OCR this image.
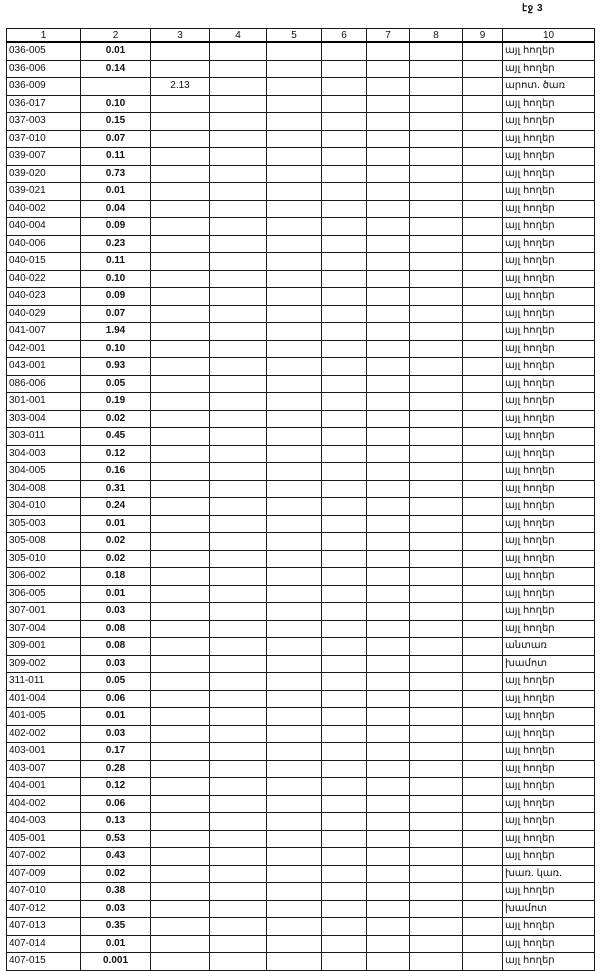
էջ 3
1	2	3	4	5	6	7	8	9	10
036-005	0.01								այլ հողեր
036-006	0.14								այլ հողեր
036-009		2.13							արոտ. ծառ
036-017	0.10								այլ հողեր
037-003	0.15								այլ հողեր
037-010	0.07								այլ հողեր
039-007	0.11								այլ հողեր
039-020	0.73								այլ հողեր
039-021	0.01								այլ հողեր
040-002	0.04								այլ հողեր
040-004	0.09								այլ հողեր
040-006	0.23								այլ հողեր
040-015	0.11								այլ հողեր
040-022	0.10								այլ հողեր
040-023	0.09								այլ հողեր
040-029	0.07								այլ հողեր
041-007	1.94								այլ հողեր
042-001	0.10								այլ հողեր
043-001	0.93								այլ հողեր
086-006	0.05								այլ հողեր
301-001	0.19								այլ հողեր
303-004	0.02								այլ հողեր
303-011	0.45								այլ հողեր
304-003	0.12								այլ հողեր
304-005	0.16								այլ հողեր
304-008	0.31								այլ հողեր
304-010	0.24								այլ հողեր
305-003	0.01								այլ հողեր
305-008	0.02								այլ հողեր
305-010	0.02								այլ հողեր
306-002	0.18								այլ հողեր
306-005	0.01								այլ հողեր
307-001	0.03								այլ հողեր
307-004	0.08								այլ հողեր
309-001	0.08								անտառ
309-002	0.03								խամոտ
311-011	0.05								այլ հողեր
401-004	0.06								այլ հողեր
401-005	0.01								այլ հողեր
402-002	0.03								այլ հողեր
403-001	0.17								այլ հողեր
403-007	0.28								այլ հողեր
404-001	0.12								այլ հողեր
404-002	0.06								այլ հողեր
404-003	0.13								այլ հողեր
405-001	0.53								այլ հողեր
407-002	0.43								այլ հողեր
407-009	0.02								խառ. կառ.
407-010	0.38								այլ հողեր
407-012	0.03								խամոտ
407-013	0.35								այլ հողեր
407-014	0.01								այլ հողեր
407-015	0.001								այլ հողեր
